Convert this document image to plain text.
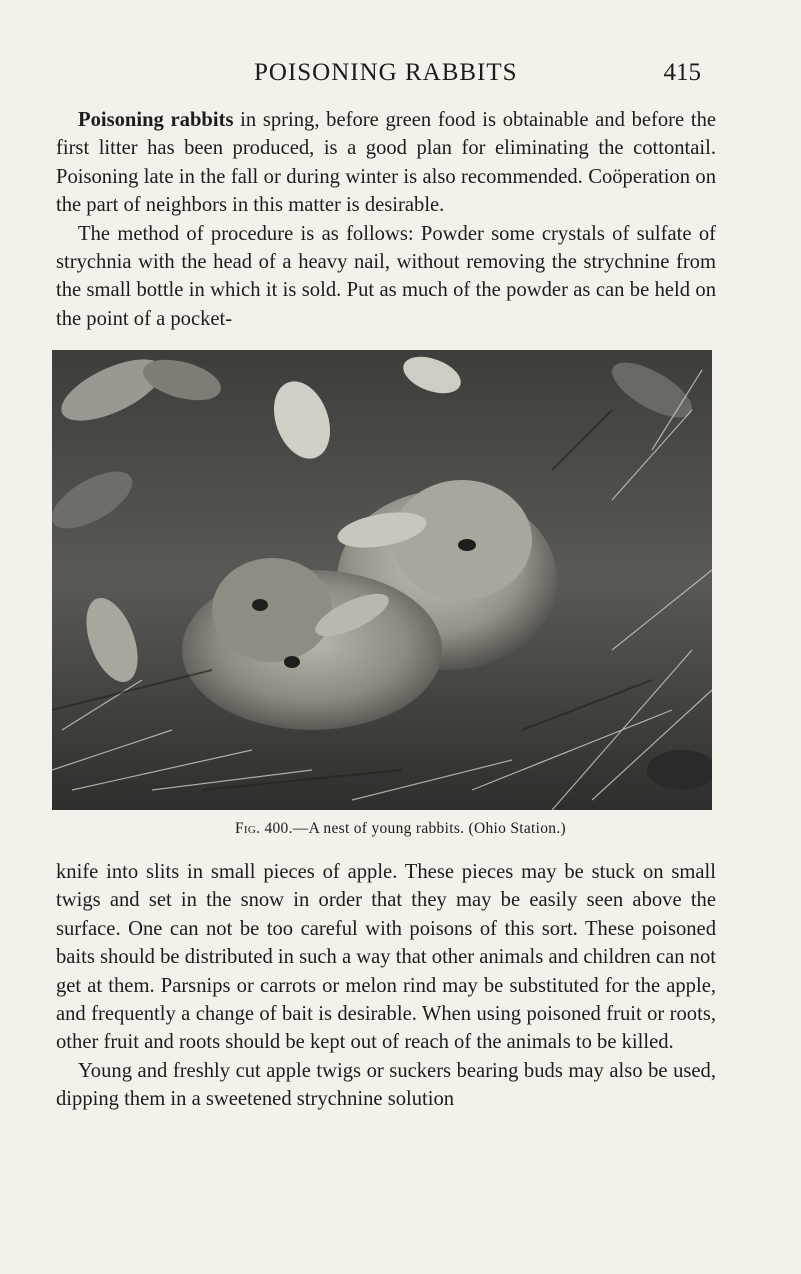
POISONING RABBITS	415

Poisoning rabbits in spring, before green food is obtainable and before the first litter has been produced, is a good plan for eliminating the cottontail. Poisoning late in the fall or during winter is also recommended. Coöperation on the part of neighbors in this matter is desirable.

The method of procedure is as follows: Powder some crystals of sulfate of strychnia with the head of a heavy nail, without removing the strychnine from the small bottle in which it is sold. Put as much of the powder as can be held on the point of a pocket-

Fig. 400.—A nest of young rabbits. (Ohio Station.)

knife into slits in small pieces of apple. These pieces may be stuck on small twigs and set in the snow in order that they may be easily seen above the surface. One can not be too careful with poisons of this sort. These poisoned baits should be distributed in such a way that other animals and children can not get at them. Parsnips or carrots or melon rind may be substituted for the apple, and frequently a change of bait is desirable. When using poisoned fruit or roots, other fruit and roots should be kept out of reach of the animals to be killed.

Young and freshly cut apple twigs or suckers bearing buds may also be used, dipping them in a sweetened strychnine solution
